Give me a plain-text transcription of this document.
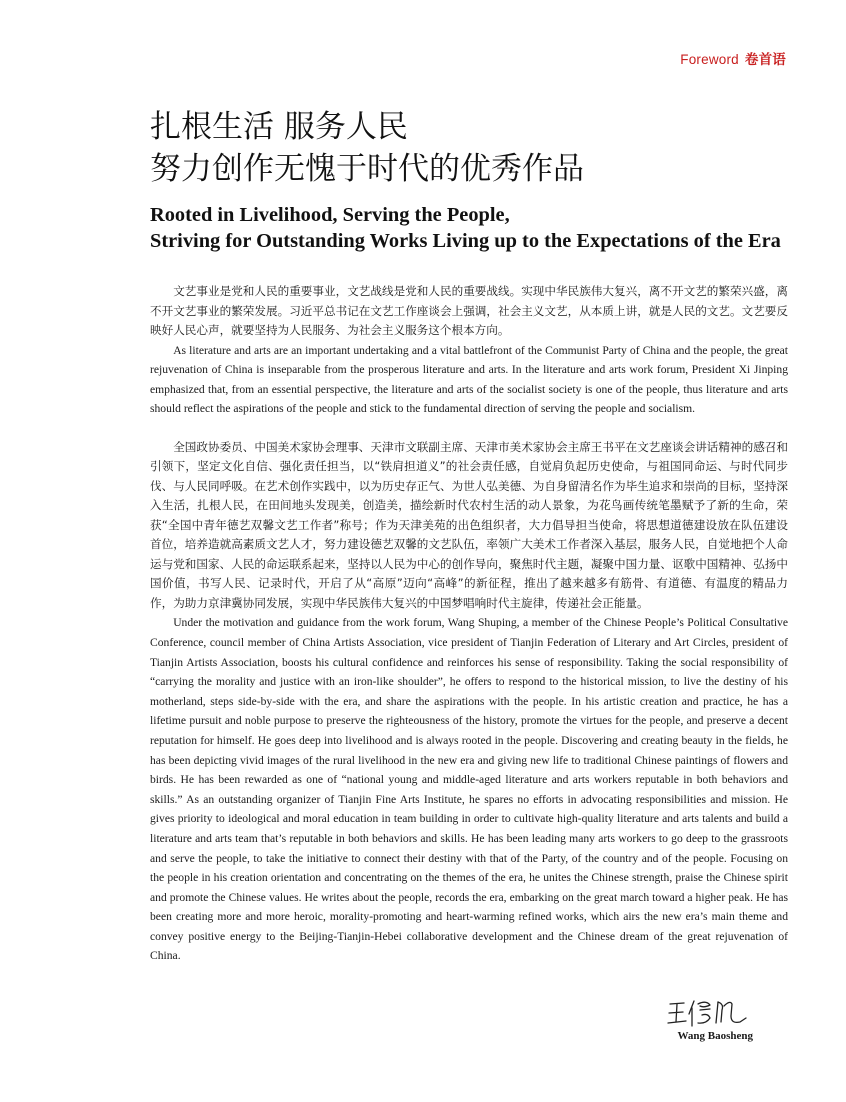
Foreword 卷首语
扎根生活 服务人民
努力创作无愧于时代的优秀作品
Rooted in Livelihood, Serving the People,
Striving for Outstanding Works Living up to the Expectations of the Era

文艺事业是党和人民的重要事业，文艺战线是党和人民的重要战线。实现中华民族伟大复兴，离不开文艺的繁荣兴盛，离不开文艺事业的繁荣发展。习近平总书记在文艺工作座谈会上强调，社会主义文艺，从本质上讲，就是人民的文艺。文艺要反映好人民心声，就要坚持为人民服务、为社会主义服务这个根本方向。

As literature and arts are an important undertaking and a vital battlefront of the Communist Party of China and the people, the great rejuvenation of China is inseparable from the prosperous literature and arts. In the literature and arts work forum, President Xi Jinping emphasized that, from an essential perspective, the literature and arts of the socialist society is one of the people, thus literature and arts should reflect the aspirations of the people and stick to the fundamental direction of serving the people and socialism.

全国政协委员、中国美术家协会理事、天津市文联副主席、天津市美术家协会主席王书平在文艺座谈会讲话精神的感召和引领下，坚定文化自信、强化责任担当，以“铁肩担道义”的社会责任感，自觉肩负起历史使命，与祖国同命运、与时代同步伐、与人民同呼吸。在艺术创作实践中，以为历史存正气、为世人弘美德、为自身留清名作为毕生追求和崇尚的目标，坚持深入生活，扎根人民，在田间地头发现美，创造美，描绘新时代农村生活的动人景象，为花鸟画传统笔墨赋予了新的生命，荣获“全国中青年德艺双馨文艺工作者”称号；作为天津美苑的出色组织者，大力倡导担当使命，将思想道德建设放在队伍建设首位，培养造就高素质文艺人才，努力建设德艺双馨的文艺队伍，率领广大美术工作者深入基层，服务人民，自觉地把个人命运与党和国家、人民的命运联系起来，坚持以人民为中心的创作导向，聚焦时代主题，凝聚中国力量、讴歌中国精神、弘扬中国价值，书写人民、记录时代，开启了从“高原”迈向“高峰”的新征程，推出了越来越多有筋骨、有道德、有温度的精品力作，为助力京津冀协同发展，实现中华民族伟大复兴的中国梦唱响时代主旋律，传递社会正能量。

Under the motivation and guidance from the work forum, Wang Shuping, a member of the Chinese People’s Political Consultative Conference, council member of China Artists Association, vice president of Tianjin Federation of Literary and Art Circles, president of Tianjin Artists Association, boosts his cultural confidence and reinforces his sense of responsibility. Taking the social responsibility of “carrying the morality and justice with an iron-like shoulder”, he offers to respond to the historical mission, to live the destiny of his motherland, steps side-by-side with the era, and share the aspirations with the people. In his artistic creation and practice, he has a lifetime pursuit and noble purpose to preserve the righteousness of the history, promote the virtues for the people, and preserve a decent reputation for himself. He goes deep into livelihood and is always rooted in the people. Discovering and creating beauty in the fields, he has been depicting vivid images of the rural livelihood in the new era and giving new life to traditional Chinese paintings of flowers and birds. He has been rewarded as one of “national young and middle-aged literature and arts workers reputable in both behaviors and skills.” As an outstanding organizer of Tianjin Fine Arts Institute, he spares no efforts in advocating responsibilities and mission. He gives priority to ideological and moral education in team building in order to cultivate high-quality literature and arts talents and build a literature and arts team that’s reputable in both behaviors and skills. He has been leading many arts workers to go deep to the grassroots and serve the people, to take the initiative to connect their destiny with that of the Party, of the country and of the people. Focusing on the people in his creation orientation and concentrating on the themes of the era, he unites the Chinese strength, praise the Chinese spirit and promote the Chinese values. He writes about the people, records the era, embarking on the great march toward a higher peak. He has been creating more and more heroic, morality-promoting and heart-warming refined works, which airs the new era’s main theme and convey positive energy to the Beijing-Tianjin-Hebei collaborative development and the Chinese dream of the great rejuvenation of China.

Wang Baosheng
